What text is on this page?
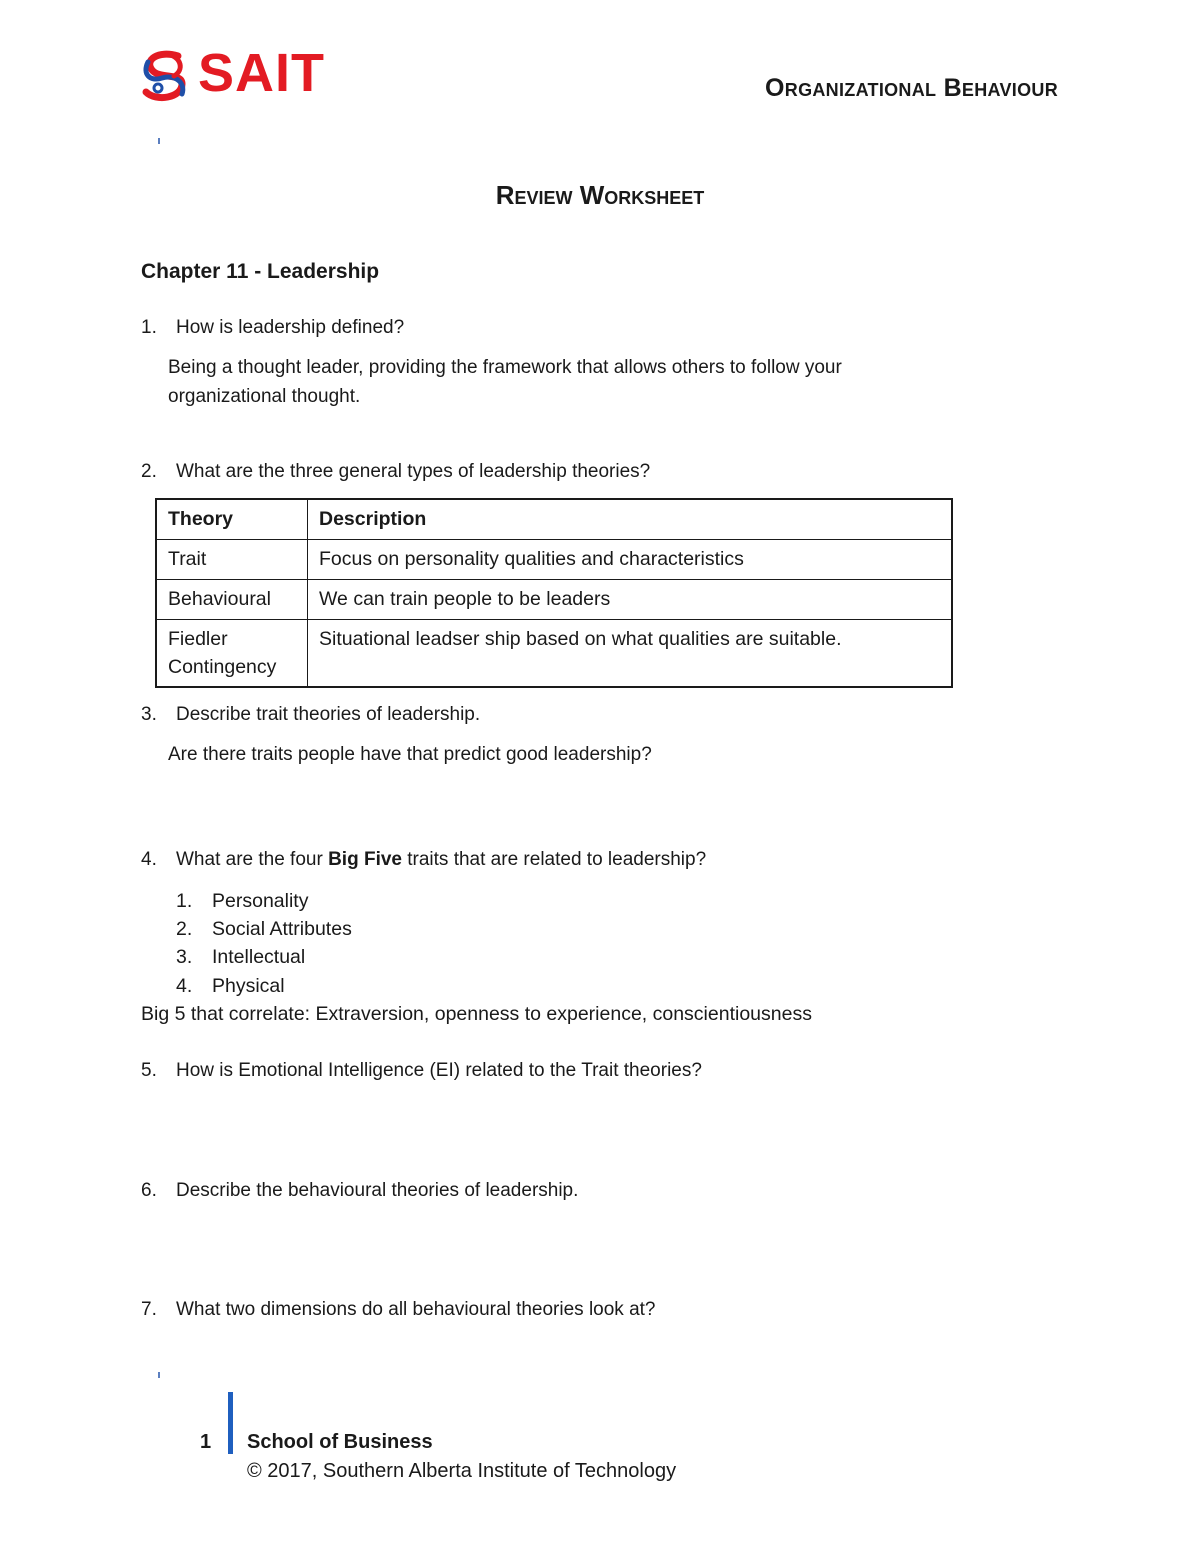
SAIT	Organizational Behaviour
Review Worksheet
Chapter 11 - Leadership
1. How is leadership defined?
Being a thought leader, providing the framework that allows others to follow your organizational thought.
2. What are the three general types of leadership theories?
Theory	Description
Trait	Focus on personality qualities and characteristics
Behavioural	We can train people to be leaders
Fiedler Contingency	Situational leadser ship based on what qualities are suitable.
3. Describe trait theories of leadership.
Are there traits people have that predict good leadership?
4. What are the four Big Five traits that are related to leadership?
1. Personality
2. Social Attributes
3. Intellectual
4. Physical
Big 5 that correlate: Extraversion, openness to experience, conscientiousness
5. How is Emotional Intelligence (EI) related to the Trait theories?
6. Describe the behavioural theories of leadership.
7. What two dimensions do all behavioural theories look at?
1 School of Business
© 2017, Southern Alberta Institute of Technology
